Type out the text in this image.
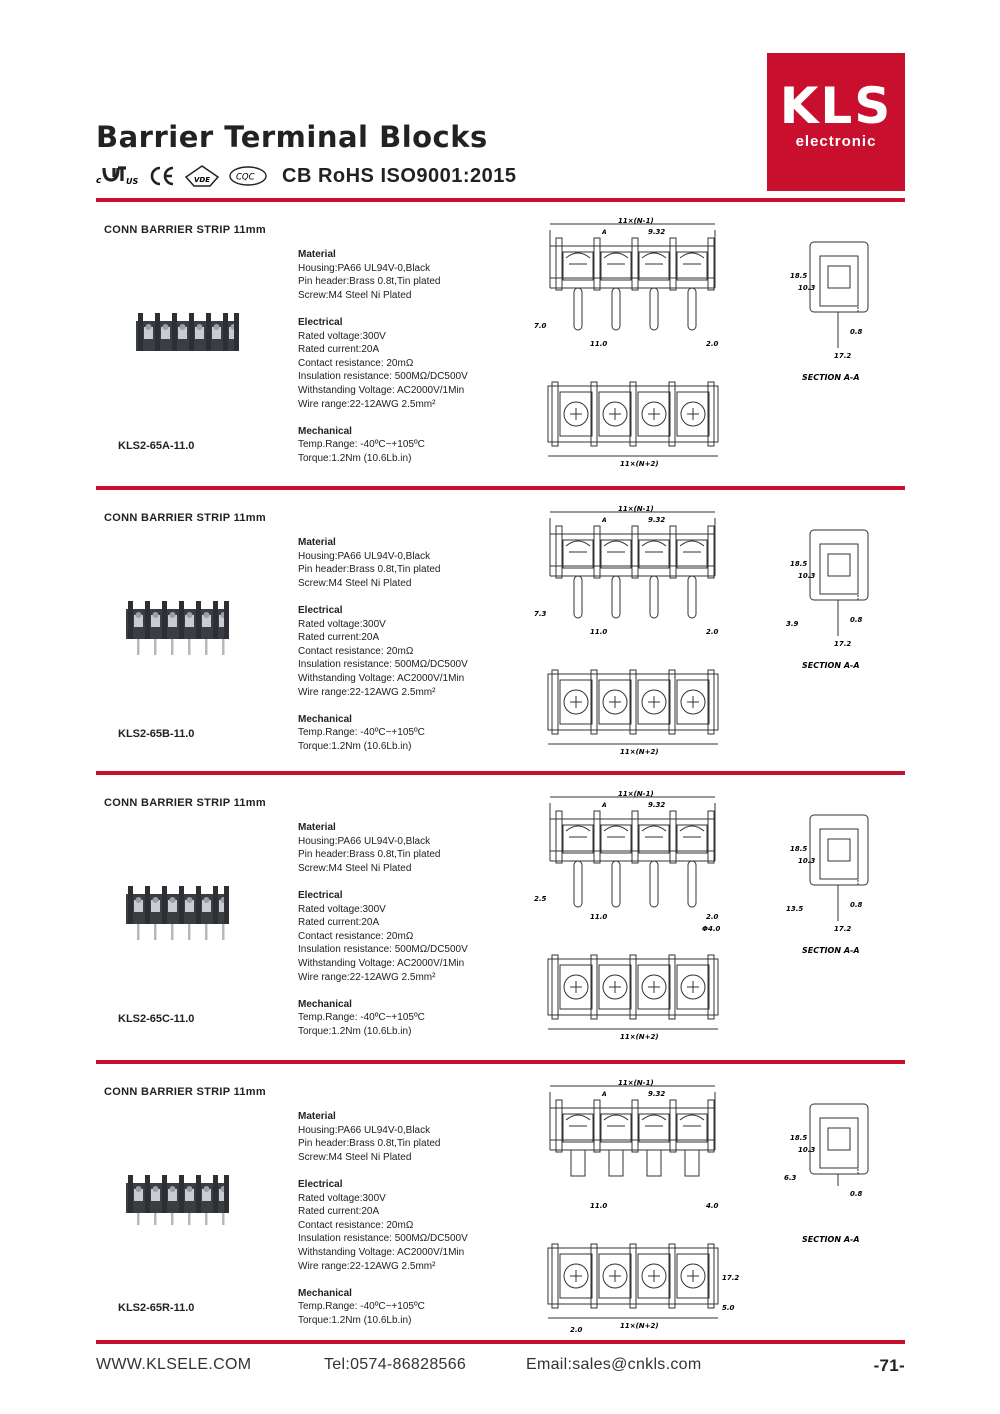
KLS
electronic
Barrier Terminal Blocks
c	US	VDE	CQC CB RoHS ISO9001:2015
CONN BARRIER STRIP 11mm
Material
Housing:PA66 UL94V-0,Black
Pin header:Brass 0.8t,Tin plated
Screw:M4 Steel Ni Plated
Electrical
Rated voltage:300V
Rated current:20A
Contact resistance: 20mΩ
Insulation resistance: 500MΩ/DC500V
Withstanding Voltage: AC2000V/1Min
Wire range:22-12AWG 2.5mm²
Mechanical
Temp.Range: -40ºC~+105ºC
Torque:1.2Nm (10.6Lb.in)
KLS2-65A-11.0
11×(N-1)
A	9.32
7.0
11.0	2.0
11×(N+2)
18.5
10.3
0.8
17.2
SECTION A-A
CONN BARRIER STRIP 11mm
Material
Housing:PA66 UL94V-0,Black
Pin header:Brass 0.8t,Tin plated
Screw:M4 Steel Ni Plated
Electrical
Rated voltage:300V
Rated current:20A
Contact resistance: 20mΩ
Insulation resistance: 500MΩ/DC500V
Withstanding Voltage: AC2000V/1Min
Wire range:22-12AWG 2.5mm²
Mechanical
Temp.Range: -40ºC~+105ºC
Torque:1.2Nm (10.6Lb.in)
KLS2-65B-11.0
11×(N-1)
A	9.32
7.3
11.0	2.0
11×(N+2)
18.5
10.3
0.8
17.2
3.9
SECTION A-A
CONN BARRIER STRIP 11mm
Material
Housing:PA66 UL94V-0,Black
Pin header:Brass 0.8t,Tin plated
Screw:M4 Steel Ni Plated
Electrical
Rated voltage:300V
Rated current:20A
Contact resistance: 20mΩ
Insulation resistance: 500MΩ/DC500V
Withstanding Voltage: AC2000V/1Min
Wire range:22-12AWG 2.5mm²
Mechanical
Temp.Range: -40ºC~+105ºC
Torque:1.2Nm (10.6Lb.in)
KLS2-65C-11.0
11×(N-1)
A	9.32
2.5
11.0	2.0
Φ4.0
11×(N+2)
18.5
10.3
0.8
17.2
13.5
SECTION A-A
CONN BARRIER STRIP 11mm
Material
Housing:PA66 UL94V-0,Black
Pin header:Brass 0.8t,Tin plated
Screw:M4 Steel Ni Plated
Electrical
Rated voltage:300V
Rated current:20A
Contact resistance: 20mΩ
Insulation resistance: 500MΩ/DC500V
Withstanding Voltage: AC2000V/1Min
Wire range:22-12AWG 2.5mm²
Mechanical
Temp.Range: -40ºC~+105ºC
Torque:1.2Nm (10.6Lb.in)
KLS2-65R-11.0
11×(N-1)
A	9.32
11.0	4.0
11×(N+2)
17.2
5.0
2.0
18.5
10.3
0.8
6.3
SECTION A-A
WWW.KLSELE.COM	Tel:0574-86828566	Email:sales@cnkls.com	-71-
